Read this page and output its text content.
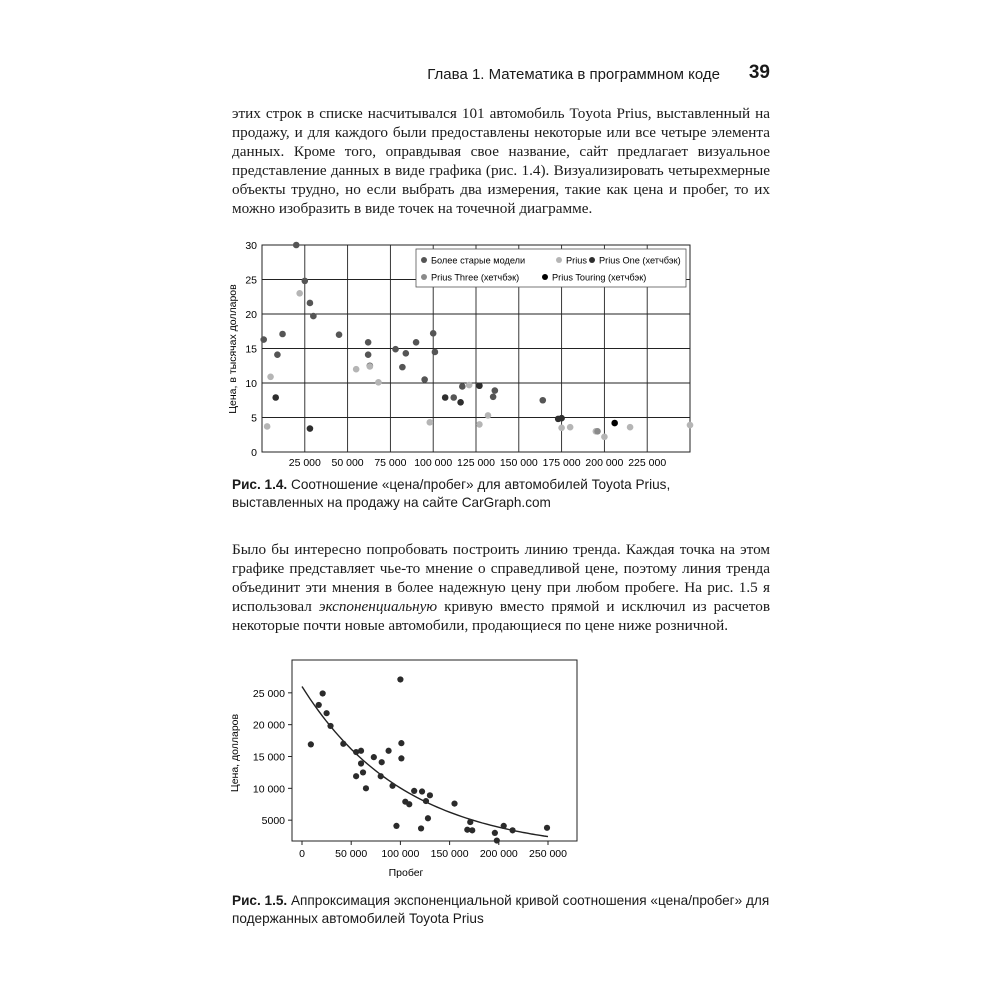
Глава 1. Математика в программном коде 39

этих строк в списке насчитывался 101 автомобиль Toyota Prius, выставленный на продажу, и для каждого были предоставлены некоторые или все четыре элемента данных. Кроме того, оправдывая свое название, сайт предлагает визуальное представление данных в виде графика (рис. 1.4). Визуализировать четырехмерные объекты трудно, но если выбрать два измерения, такие как цена и пробег, то их можно изобразить в виде точек на точечной диаграмме.

25 000 50 000 75 000 100 000 125 000 150 000 175 000 200 000 225 000
0
5
10
15
20
25
30
Более старые модели	Prius Prius One (хетчбэк)
Prius Three (хетчбэк)	Prius Touring (хетчбэк)
Цена, в тысячах долларов
Рис. 1.4. Соотношение «цена/пробег» для автомобилей Toyota Prius, выставленных на продажу на сайте CarGraph.com

Было бы интересно попробовать построить линию тренда. Каждая точка на этом графике представляет чье-то мнение о справедливой цене, поэтому линия тренда объединит эти мнения в более надежную цену при любом пробеге. На рис. 1.5 я использовал экспоненциальную кривую вместо прямой и исключил из расчетов некоторые почти новые автомобили, продающиеся по цене ниже розничной.

0	50 000 100 000 150 000 200 000 250 000
5000
10 000
15 000
20 000
25 000
Цена, долларов
Пробег
Рис. 1.5. Аппроксимация экспоненциальной кривой соотношения «цена/пробег» для подержанных автомобилей Toyota Prius
